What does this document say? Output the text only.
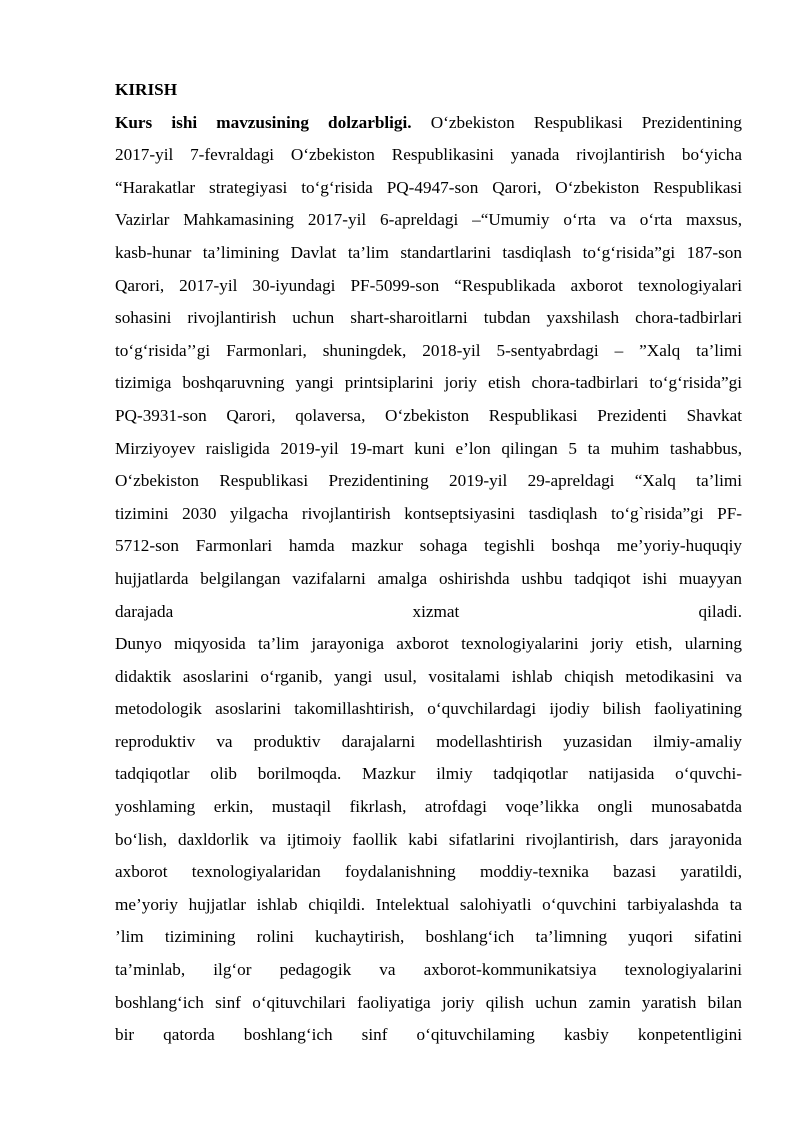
KIRISH
Kurs ishi mavzusining dolzarbligi. O‘zbekiston Respublikasi Prezidentining
2017-yil 7-fevraldagi O‘zbekiston Respublikasini yanada rivojlantirish bo‘yicha
“Harakatlar strategiyasi to‘g‘risida PQ-4947-son Qarori, O‘zbekiston Respublikasi
Vazirlar Mahkamasining 2017-yil 6-apreldagi –“Umumiy o‘rta va o‘rta maxsus,
kasb-hunar ta’limining Davlat ta’lim standartlarini tasdiqlash to‘g‘risida”gi 187-son
Qarori, 2017-yil 30-iyundagi PF-5099-son “Respublikada axborot texnologiyalari
sohasini rivojlantirish uchun shart-sharoitlarni tubdan yaxshilash chora-tadbirlari
to‘g‘risida’’gi Farmonlari, shuningdek, 2018-yil 5-sentyabrdagi – ”Xalq ta’limi
tizimiga boshqaruvning yangi printsiplarini joriy etish chora-tadbirlari to‘g‘risida”gi
PQ-3931-son Qarori, qolaversa, O‘zbekiston Respublikasi Prezidenti Shavkat
Mirziyoyev raisligida 2019-yil 19-mart kuni e’lon qilingan 5 ta muhim tashabbus,
O‘zbekiston Respublikasi Prezidentining 2019-yil 29-apreldagi “Xalq ta’limi
tizimini 2030 yilgacha rivojlantirish kontseptsiyasini tasdiqlash to‘g`risida”gi PF-
5712-son Farmonlari hamda mazkur sohaga tegishli boshqa me’yoriy-huquqiy
hujjatlarda belgilangan vazifalarni amalga oshirishda ushbu tadqiqot ishi muayyan
darajada xizmat qiladi.
Dunyo miqyosida ta’lim jarayoniga axborot texnologiyalarini joriy etish, ularning
didaktik asoslarini o‘rganib, yangi usul, vositalami ishlab chiqish metodikasini va
metodologik asoslarini takomillashtirish, o‘quvchilardagi ijodiy bilish faoliyatining
reproduktiv va produktiv darajalarni modellashtirish yuzasidan ilmiy-amaliy
tadqiqotlar olib borilmoqda. Mazkur ilmiy tadqiqotlar natijasida o‘quvchi-
yoshlaming erkin, mustaqil fikrlash, atrofdagi voqe’likka ongli munosabatda
bo‘lish, daxldorlik va ijtimoiy faollik kabi sifatlarini rivojlantirish, dars jarayonida
axborot texnologiyalaridan foydalanishning moddiy-texnika bazasi yaratildi,
me’yoriy hujjatlar ishlab chiqildi. Intelektual salohiyatli o‘quvchini tarbiyalashda ta
’lim tizimining rolini kuchaytirish, boshlang‘ich ta’limning yuqori sifatini
ta’minlab, ilg‘or pedagogik va axborot-kommunikatsiya texnologiyalarini
boshlang‘ich sinf o‘qituvchilari faoliyatiga joriy qilish uchun zamin yaratish bilan
bir qatorda boshlang‘ich sinf o‘qituvchilaming kasbiy konpetentligini
